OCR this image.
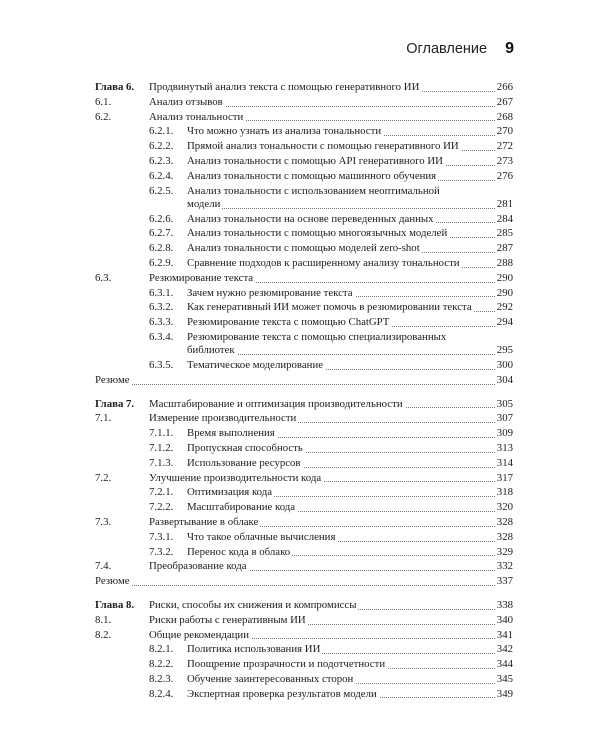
Оглавление 9
Глава 6. Продвинутый анализ текста с помощью генеративного ИИ	266
6.1.	Анализ отзывов	267
6.2.	Анализ тональности	268
6.2.1. Что можно узнать из анализа тональности	270
6.2.2. Прямой анализ тональности с помощью генеративного ИИ	272
6.2.3. Анализ тональности с помощью API генеративного ИИ	273
6.2.4. Анализ тональности с помощью машинного обучения	276
6.2.5. Анализ тональности с использованием неоптимальной
модели	281
6.2.6. Анализ тональности на основе переведенных данных	284
6.2.7. Анализ тональности с помощью многоязычных моделей	285
6.2.8. Анализ тональности с помощью моделей zero-shot	287
6.2.9. Сравнение подходов к расширенному анализу тональности	288
6.3.	Резюмирование текста	290
6.3.1. Зачем нужно резюмирование текста	290
6.3.2. Как генеративный ИИ может помочь в резюмировании текста 292
6.3.3. Резюмирование текста с помощью ChatGPT	294
6.3.4. Резюмирование текста с помощью специализированных
библиотек	295
6.3.5. Тематическое моделирование	300
Резюме	304
Глава 7. Масштабирование и оптимизация производительности	305
7.1.	Измерение производительности	307
7.1.1. Время выполнения	309
7.1.2. Пропускная способность	313
7.1.3. Использование ресурсов	314
7.2.	Улучшение производительности кода	317
7.2.1. Оптимизация кода	318
7.2.2. Масштабирование кода	320
7.3.	Развертывание в облаке	328
7.3.1. Что такое облачные вычисления	328
7.3.2. Перенос кода в облако	329
7.4.	Преобразование кода	332
Резюме	337
Глава 8. Риски, способы их снижения и компромиссы	338
8.1.	Риски работы с генеративным ИИ	340
8.2.	Общие рекомендации	341
8.2.1. Политика использования ИИ	342
8.2.2. Поощрение прозрачности и подотчетности	344
8.2.3. Обучение заинтересованных сторон	345
8.2.4. Экспертная проверка результатов модели	349
